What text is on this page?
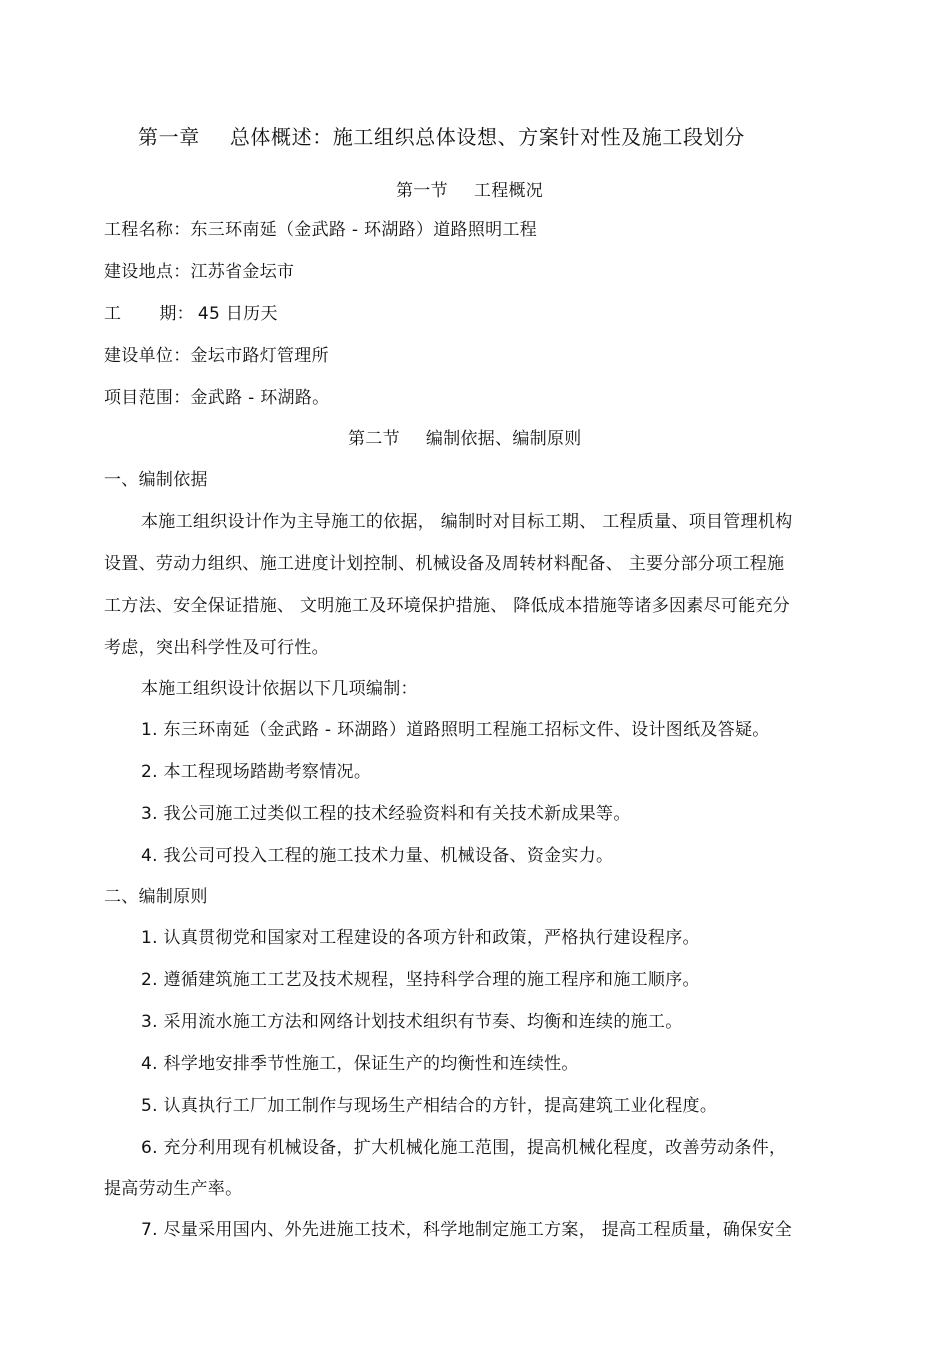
第一章 总体概述：施工组织总体设想、方案针对性及施工段划分
第一节 工程概况
工程名称：东三环南延（金武路 - 环湖路）道路照明工程
建设地点：江苏省金坛市
工 期： 45 日历天
建设单位：金坛市路灯管理所
项目范围：金武路 - 环湖路。
第二节 编制依据、编制原则
一、编制依据
本施工组织设计作为主导施工的依据， 编制时对目标工期、 工程质量、项目管理机构
设置、劳动力组织、施工进度计划控制、机械设备及周转材料配备、 主要分部分项工程施
工方法、安全保证措施、 文明施工及环境保护措施、 降低成本措施等诸多因素尽可能充分
考虑，突出科学性及可行性。
本施工组织设计依据以下几项编制：
1. 东三环南延（金武路 - 环湖路）道路照明工程施工招标文件、设计图纸及答疑。
2. 本工程现场踏勘考察情况。
3. 我公司施工过类似工程的技术经验资料和有关技术新成果等。
4. 我公司可投入工程的施工技术力量、机械设备、资金实力。
二、编制原则
1. 认真贯彻党和国家对工程建设的各项方针和政策，严格执行建设程序。
2. 遵循建筑施工工艺及技术规程，坚持科学合理的施工程序和施工顺序。
3. 采用流水施工方法和网络计划技术组织有节奏、均衡和连续的施工。
4. 科学地安排季节性施工，保证生产的均衡性和连续性。
5. 认真执行工厂加工制作与现场生产相结合的方针，提高建筑工业化程度。
6. 充分利用现有机械设备，扩大机械化施工范围，提高机械化程度，改善劳动条件，
提高劳动生产率。
7. 尽量采用国内、外先进施工技术，科学地制定施工方案， 提高工程质量，确保安全
